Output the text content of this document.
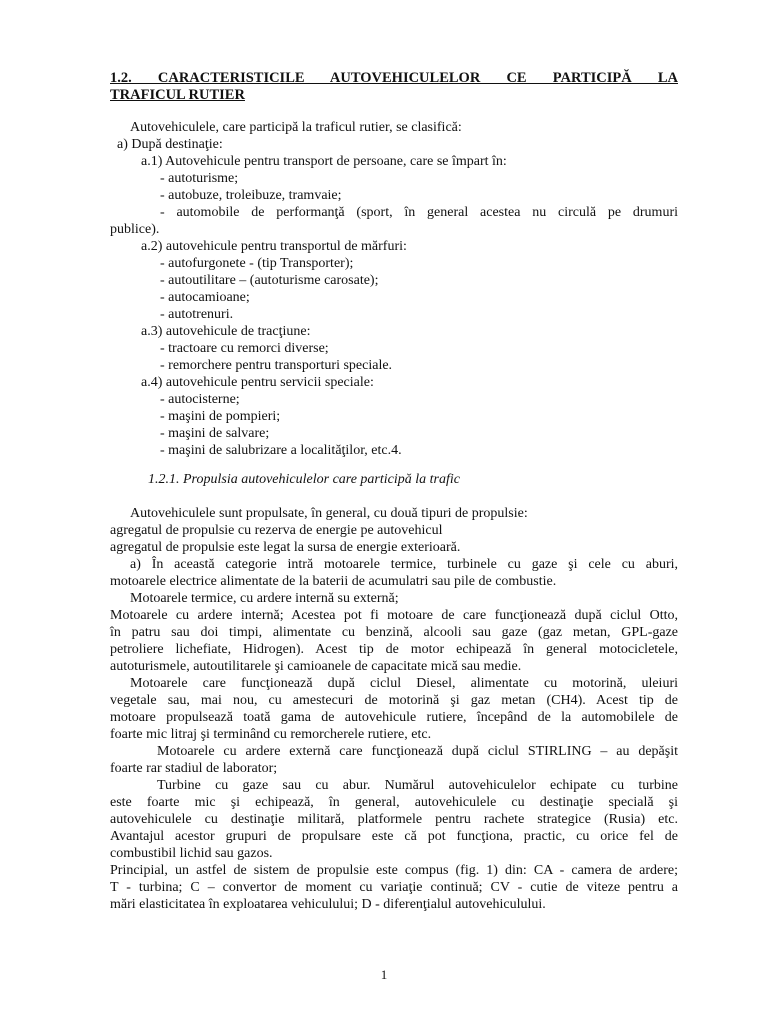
1.2. CARACTERISTICILE AUTOVEHICULELOR CE PARTICIPĂ LA
TRAFICUL RUTIER
Autovehiculele, care participă la traficul rutier, se clasifică:
a) După destinaţie:
a.1) Autovehicule pentru transport de persoane, care se împart în:
- autoturisme;
- autobuze, troleibuze, tramvaie;
- automobile de performanţă (sport, în general acestea nu circulă pe drumuri
publice).
a.2) autovehicule pentru transportul de mărfuri:
- autofurgonete - (tip Transporter);
- autoutilitare – (autoturisme carosate);
- autocamioane;
- autotrenuri.
a.3) autovehicule de tracţiune:
- tractoare cu remorci diverse;
- remorchere pentru transporturi speciale.
a.4) autovehicule pentru servicii speciale:
- autocisterne;
- maşini de pompieri;
- maşini de salvare;
- maşini de salubrizare a localităţilor, etc.4.
1.2.1. Propulsia autovehiculelor care participă la trafic
Autovehiculele sunt propulsate, în general, cu două tipuri de propulsie:
agregatul de propulsie cu rezerva de energie pe autovehicul
agregatul de propulsie este legat la sursa de energie exterioară.
a) În această categorie intră motoarele termice, turbinele cu gaze şi cele cu aburi,
motoarele electrice alimentate de la baterii de acumulatri sau pile de combustie.
Motoarele termice, cu ardere internă su externă;
Motoarele cu ardere internă; Acestea pot fi motoare de care funcţionează după ciclul Otto,
în patru sau doi timpi, alimentate cu benzină, alcooli sau gaze (gaz metan, GPL-gaze
petroliere lichefiate, Hidrogen). Acest tip de motor echipează în general motocicletele,
autoturismele, autoutilitarele şi camioanele de capacitate mică sau medie.
Motoarele care funcţionează după ciclul Diesel, alimentate cu motorină, uleiuri
vegetale sau, mai nou, cu amestecuri de motorină şi gaz metan (CH4). Acest tip de
motoare propulsează toată gama de autovehicule rutiere, începând de la automobilele de
foarte mic litraj şi terminând cu remorcherele rutiere, etc.
Motoarele cu ardere externă care funcţionează după ciclul STIRLING – au depăşit
foarte rar stadiul de laborator;
Turbine cu gaze sau cu abur. Numărul autovehiculelor echipate cu turbine
este foarte mic şi echipează, în general, autovehiculele cu destinaţie specială şi
autovehiculele cu destinaţie militară, platformele pentru rachete strategice (Rusia) etc.
Avantajul acestor grupuri de propulsare este că pot funcţiona, practic, cu orice fel de
combustibil lichid sau gazos.
Principial, un astfel de sistem de propulsie este compus (fig. 1) din: CA - camera de ardere;
T - turbina; C – convertor de moment cu variaţie continuă; CV - cutie de viteze pentru a
mări elasticitatea în exploatarea vehiculului; D - diferenţialul autovehiculului.
1
